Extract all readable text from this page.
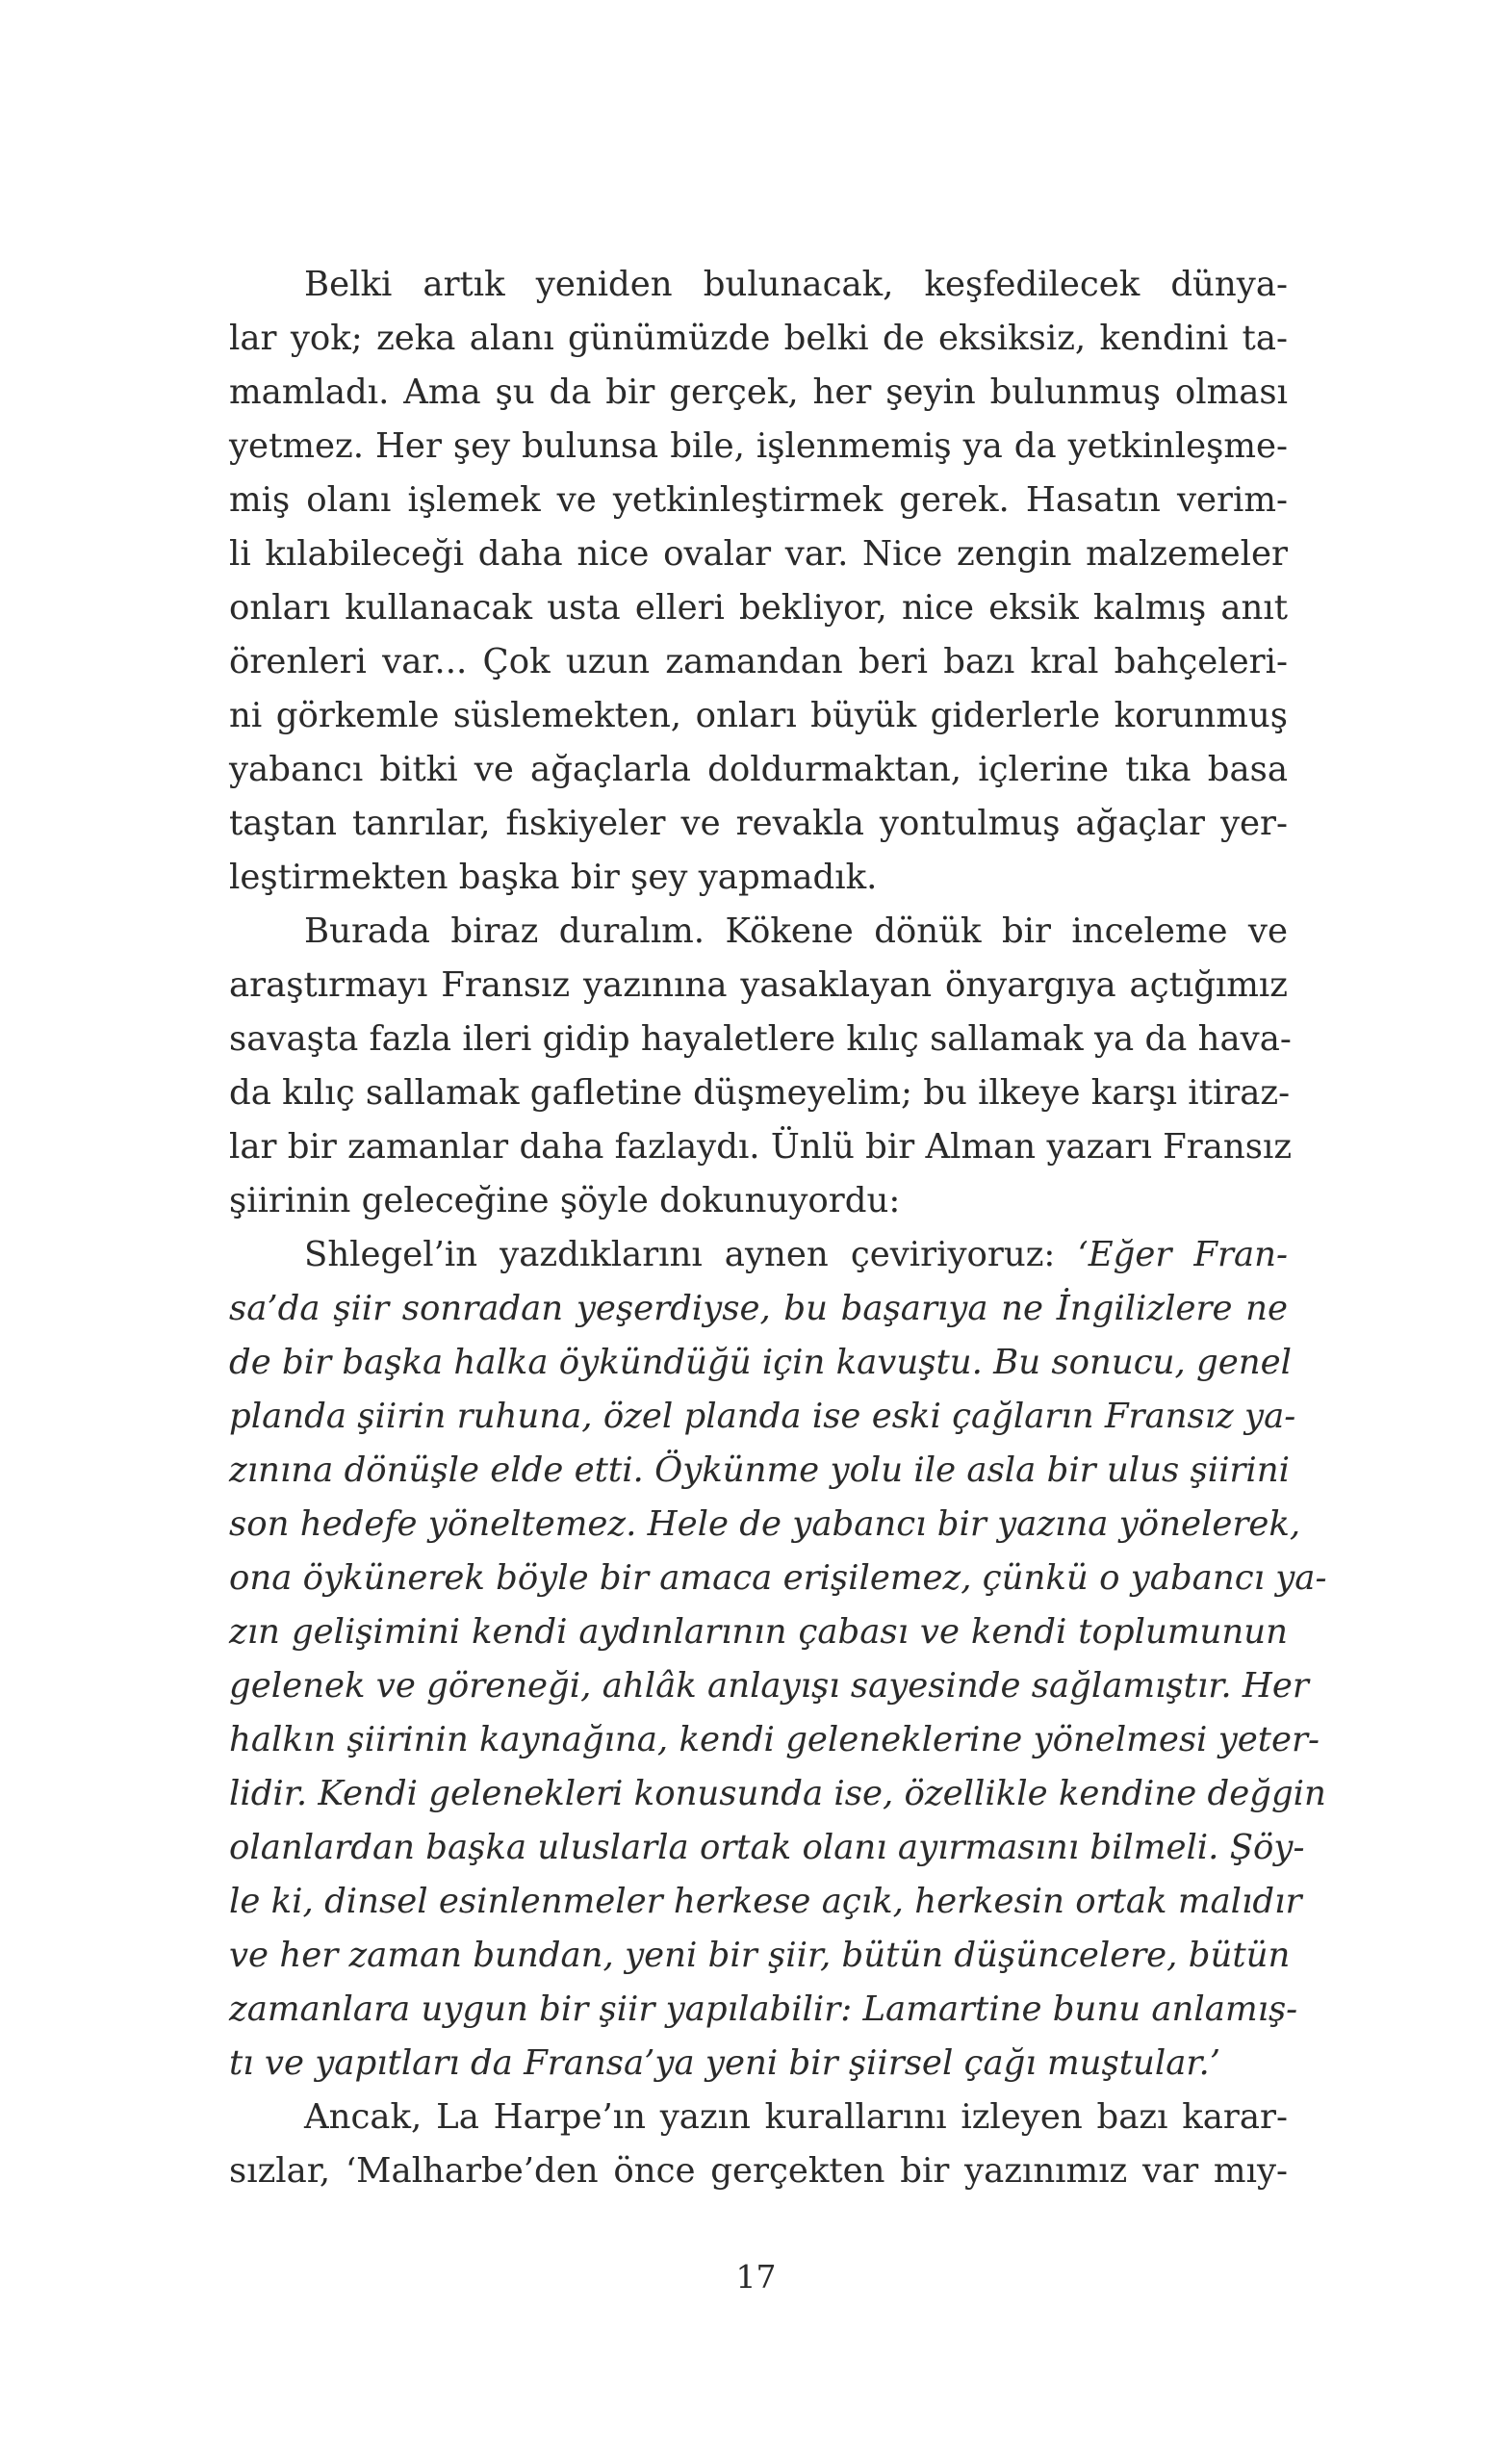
Belki artık yeniden bulunacak, keşfedilecek dünya-
lar yok; zeka alanı günümüzde belki de eksiksiz, kendini ta-
mamladı. Ama şu da bir gerçek, her şeyin bulunmuş olması
yetmez. Her şey bulunsa bile, işlenmemiş ya da yetkinleşme-
miş olanı işlemek ve yetkinleştirmek gerek. Hasatın verim-
li kılabileceği daha nice ovalar var. Nice zengin malzemeler
onları kullanacak usta elleri bekliyor, nice eksik kalmış anıt
örenleri var... Çok uzun zamandan beri bazı kral bahçeleri-
ni görkemle süslemekten, onları büyük giderlerle korunmuş
yabancı bitki ve ağaçlarla doldurmaktan, içlerine tıka basa
taştan tanrılar, fıskiyeler ve revakla yontulmuş ağaçlar yer-
leştirmekten başka bir şey yapmadık.
Burada biraz duralım. Kökene dönük bir inceleme ve
araştırmayı Fransız yazınına yasaklayan önyargıya açtığımız
savaşta fazla ileri gidip hayaletlere kılıç sallamak ya da hava-
da kılıç sallamak gafletine düşmeyelim; bu ilkeye karşı itiraz-
lar bir zamanlar daha fazlaydı. Ünlü bir Alman yazarı Fransız
şiirinin geleceğine şöyle dokunuyordu:
Shlegel’in yazdıklarını aynen çeviriyoruz: ‘Eğer Fran-
sa’da şiir sonradan yeşerdiyse, bu başarıya ne İngilizlere ne
de bir başka halka öykündüğü için kavuştu. Bu sonucu, genel
planda şiirin ruhuna, özel planda ise eski çağların Fransız ya-
zınına dönüşle elde etti. Öykünme yolu ile asla bir ulus şiirini
son hedefe yöneltemez. Hele de yabancı bir yazına yönelerek,
ona öykünerek böyle bir amaca erişilemez, çünkü o yabancı ya-
zın gelişimini kendi aydınlarının çabası ve kendi toplumunun
gelenek ve göreneği, ahlâk anlayışı sayesinde sağlamıştır. Her
halkın şiirinin kaynağına, kendi geleneklerine yönelmesi yeter-
lidir. Kendi gelenekleri konusunda ise, özellikle kendine değgin
olanlardan başka uluslarla ortak olanı ayırmasını bilmeli. Şöy-
le ki, dinsel esinlenmeler herkese açık, herkesin ortak malıdır
ve her zaman bundan, yeni bir şiir, bütün düşüncelere, bütün
zamanlara uygun bir şiir yapılabilir: Lamartine bunu anlamış-
tı ve yapıtları da Fransa’ya yeni bir şiirsel çağı muştular.’
Ancak, La Harpe’ın yazın kurallarını izleyen bazı karar-
sızlar, ‘Malharbe’den önce gerçekten bir yazınımız var mıy-
17
